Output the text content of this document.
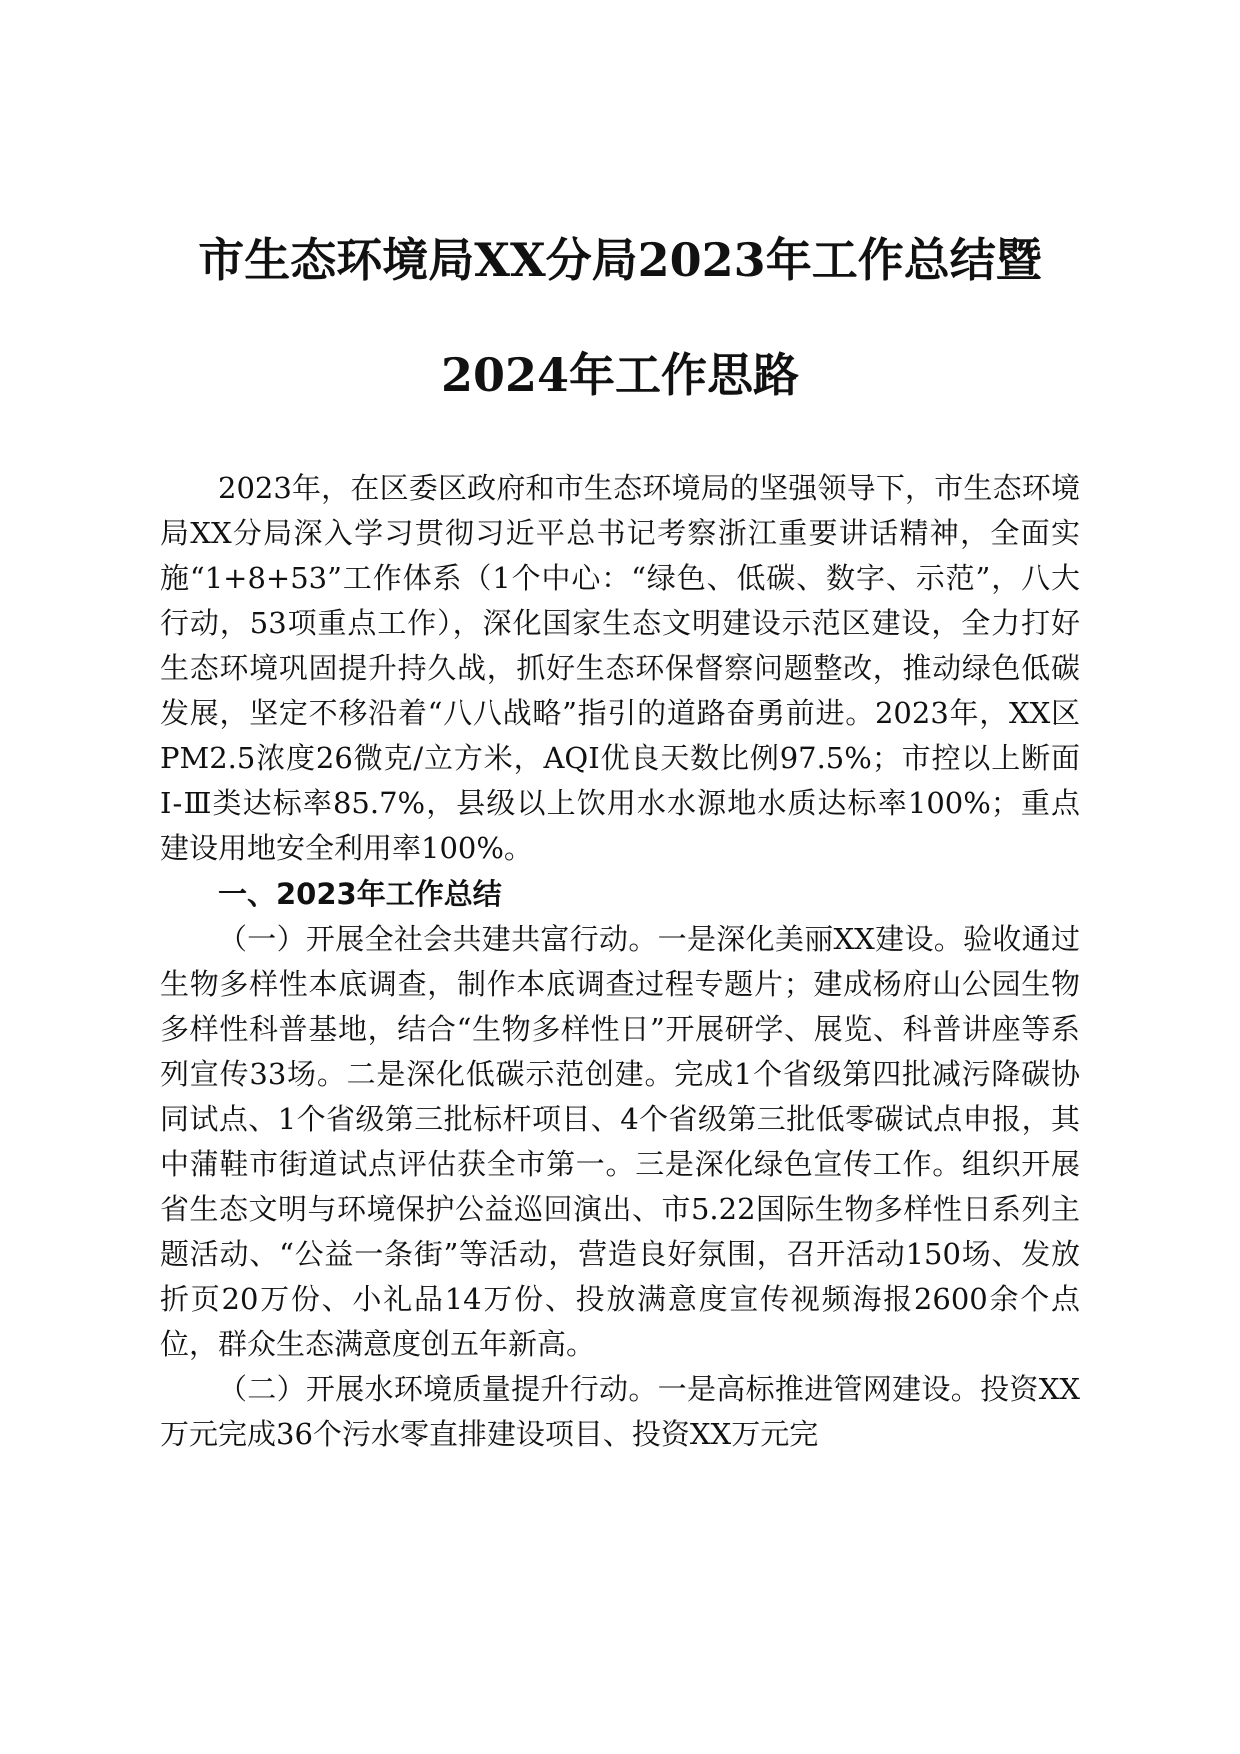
市生态环境局XX分局2023年工作总结暨
2024年工作思路

2023年，在区委区政府和市生态环境局的坚强领导下，市生态环境局XX分局深入学习贯彻习近平总书记考察浙江重要讲话精神，全面实施“1+8+53”工作体系（1个中心：“绿色、低碳、数字、示范”，八大行动，53项重点工作），深化国家生态文明建设示范区建设，全力打好生态环境巩固提升持久战，抓好生态环保督察问题整改，推动绿色低碳发展，坚定不移沿着“八八战略”指引的道路奋勇前进。2023年，XX区PM2.5浓度26微克/立方米，AQI优良天数比例97.5%；市控以上断面Ⅰ-Ⅲ类达标率85.7%，县级以上饮用水水源地水质达标率100%；重点建设用地安全利用率100%。

一、2023年工作总结

（一）开展全社会共建共富行动。一是深化美丽XX建设。验收通过生物多样性本底调查，制作本底调查过程专题片；建成杨府山公园生物多样性科普基地，结合“生物多样性日”开展研学、展览、科普讲座等系列宣传33场。二是深化低碳示范创建。完成1个省级第四批减污降碳协同试点、1个省级第三批标杆项目、4个省级第三批低零碳试点申报，其中蒲鞋市街道试点评估获全市第一。三是深化绿色宣传工作。组织开展省生态文明与环境保护公益巡回演出、市5.22国际生物多样性日系列主题活动、“公益一条街”等活动，营造良好氛围，召开活动150场、发放折页20万份、小礼品14万份、投放满意度宣传视频海报2600余个点位，群众生态满意度创五年新高。

（二）开展水环境质量提升行动。一是高标推进管网建设。投资XX万元完成36个污水零直排建设项目、投资XX万元完
